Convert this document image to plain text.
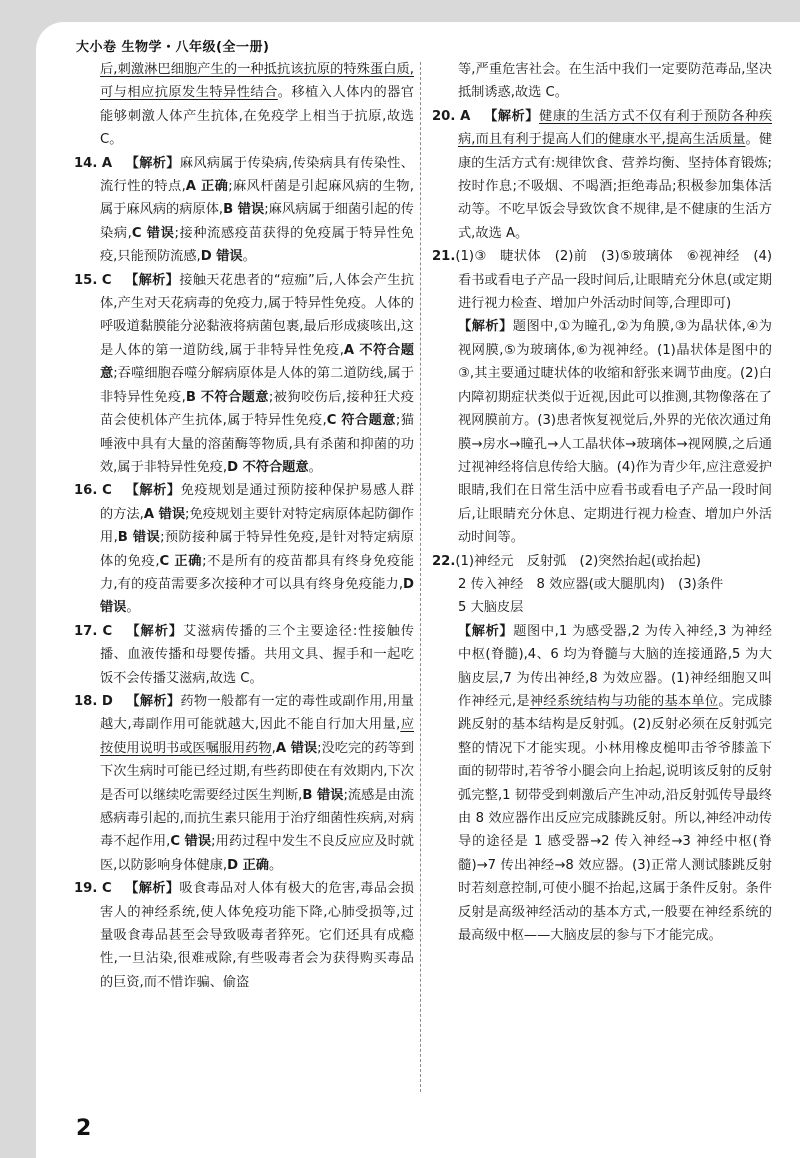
大小卷 生物学・八年级(全一册)

后,刺激淋巴细胞产生的一种抵抗该抗原的特殊蛋白质,可与相应抗原发生特异性结合。移植入人体内的器官能够刺激人体产生抗体,在免疫学上相当于抗原,故选 C。

14. A  【解析】麻风病属于传染病,传染病具有传染性、流行性的特点,A 正确;麻风杆菌是引起麻风病的生物,属于麻风病的病原体,B 错误;麻风病属于细菌引起的传染病,C 错误;接种流感疫苗获得的免疫属于特异性免疫,只能预防流感,D 错误。

15. C  【解析】接触天花患者的“痘痂”后,人体会产生抗体,产生对天花病毒的免疫力,属于特异性免疫。人体的呼吸道黏膜能分泌黏液将病菌包裹,最后形成痰咳出,这是人体的第一道防线,属于非特异性免疫,A 不符合题意;吞噬细胞吞噬分解病原体是人体的第二道防线,属于非特异性免疫,B 不符合题意;被狗咬伤后,接种狂犬疫苗会使机体产生抗体,属于特异性免疫,C 符合题意;猫唾液中具有大量的溶菌酶等物质,具有杀菌和抑菌的功效,属于非特异性免疫,D 不符合题意。

16. C  【解析】免疫规划是通过预防接种保护易感人群的方法,A 错误;免疫规划主要针对特定病原体起防御作用,B 错误;预防接种属于特异性免疫,是针对特定病原体的免疫,C 正确;不是所有的疫苗都具有终身免疫能力,有的疫苗需要多次接种才可以具有终身免疫能力,D 错误。

17. C  【解析】艾滋病传播的三个主要途径:性接触传播、血液传播和母婴传播。共用文具、握手和一起吃饭不会传播艾滋病,故选 C。

18. D  【解析】药物一般都有一定的毒性或副作用,用量越大,毒副作用可能就越大,因此不能自行加大用量,应按使用说明书或医嘱服用药物,A 错误;没吃完的药等到下次生病时可能已经过期,有些药即使在有效期内,下次是否可以继续吃需要经过医生判断,B 错误;流感是由流感病毒引起的,而抗生素只能用于治疗细菌性疾病,对病毒不起作用,C 错误;用药过程中发生不良反应应及时就医,以防影响身体健康,D 正确。

19. C  【解析】吸食毒品对人体有极大的危害,毒品会损害人的神经系统,使人体免疫功能下降,心肺受损等,过量吸食毒品甚至会导致吸毒者猝死。它们还具有成瘾性,一旦沾染,很难戒除,有些吸毒者会为获得购买毒品的巨资,而不惜诈骗、偷盗

等,严重危害社会。在生活中我们一定要防范毒品,坚决抵制诱惑,故选 C。

20. A  【解析】健康的生活方式不仅有利于预防各种疾病,而且有利于提高人们的健康水平,提高生活质量。健康的生活方式有:规律饮食、营养均衡、坚持体育锻炼;按时作息;不吸烟、不喝酒;拒绝毒品;积极参加集体活动等。不吃早饭会导致饮食不规律,是不健康的生活方式,故选 A。

21.(1)③　睫状体　(2)前　(3)⑤玻璃体　⑥视神经　(4)看书或看电子产品一段时间后,让眼睛充分休息(或定期进行视力检查、增加户外活动时间等,合理即可)

【解析】题图中,①为瞳孔,②为角膜,③为晶状体,④为视网膜,⑤为玻璃体,⑥为视神经。(1)晶状体是图中的③,其主要通过睫状体的收缩和舒张来调节曲度。(2)白内障初期症状类似于近视,因此可以推测,其物像落在了视网膜前方。(3)患者恢复视觉后,外界的光依次通过角膜→房水→瞳孔→人工晶状体→玻璃体→视网膜,之后通过视神经将信息传给大脑。(4)作为青少年,应注意爱护眼睛,我们在日常生活中应看书或看电子产品一段时间后,让眼睛充分休息、定期进行视力检查、增加户外活动时间等。

22.(1)神经元　反射弧　(2)突然抬起(或抬起)

2 传入神经　8 效应器(或大腿肌肉)　(3)条件

5 大脑皮层

【解析】题图中,1 为感受器,2 为传入神经,3 为神经中枢(脊髓),4、6 均为脊髓与大脑的连接通路,5 为大脑皮层,7 为传出神经,8 为效应器。(1)神经细胞又叫作神经元,是神经系统结构与功能的基本单位。完成膝跳反射的基本结构是反射弧。(2)反射必须在反射弧完整的情况下才能实现。小林用橡皮槌叩击爷爷膝盖下面的韧带时,若爷爷小腿会向上抬起,说明该反射的反射弧完整,1 韧带受到刺激后产生冲动,沿反射弧传导最终由 8 效应器作出反应完成膝跳反射。所以,神经冲动传导的途径是 1 感受器→2 传入神经→3 神经中枢(脊髓)→7 传出神经→8 效应器。(3)正常人测试膝跳反射时若刻意控制,可使小腿不抬起,这属于条件反射。条件反射是高级神经活动的基本方式,一般要在神经系统的最高级中枢——大脑皮层的参与下才能完成。

2
